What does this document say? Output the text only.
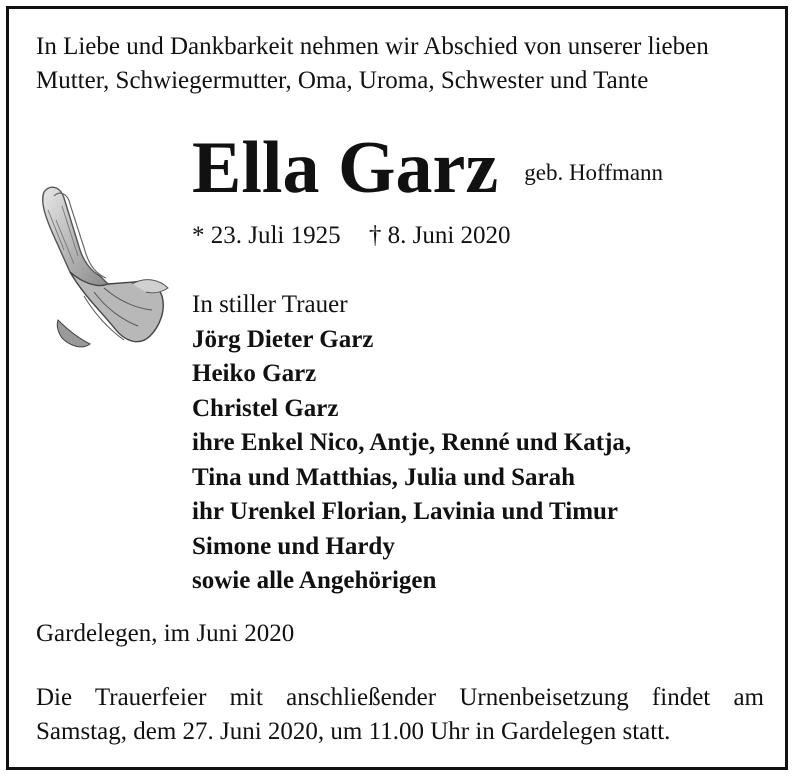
In Liebe und Dankbarkeit nehmen wir Abschied von unserer lieben
Mutter, Schwiegermutter, Oma, Uroma, Schwester und Tante
Ella Garz geb. Hoffmann
* 23. Juli 1925 † 8. Juni 2020
In stiller Trauer
Jörg Dieter Garz
Heiko Garz
Christel Garz
ihre Enkel Nico, Antje, Renné und Katja,
Tina und Matthias, Julia und Sarah
ihr Urenkel Florian, Lavinia und Timur
Simone und Hardy
sowie alle Angehörigen
Gardelegen, im Juni 2020
Die Trauerfeier mit anschließender Urnenbeisetzung findet am
Samstag, dem 27. Juni 2020, um 11.00 Uhr in Gardelegen statt.
